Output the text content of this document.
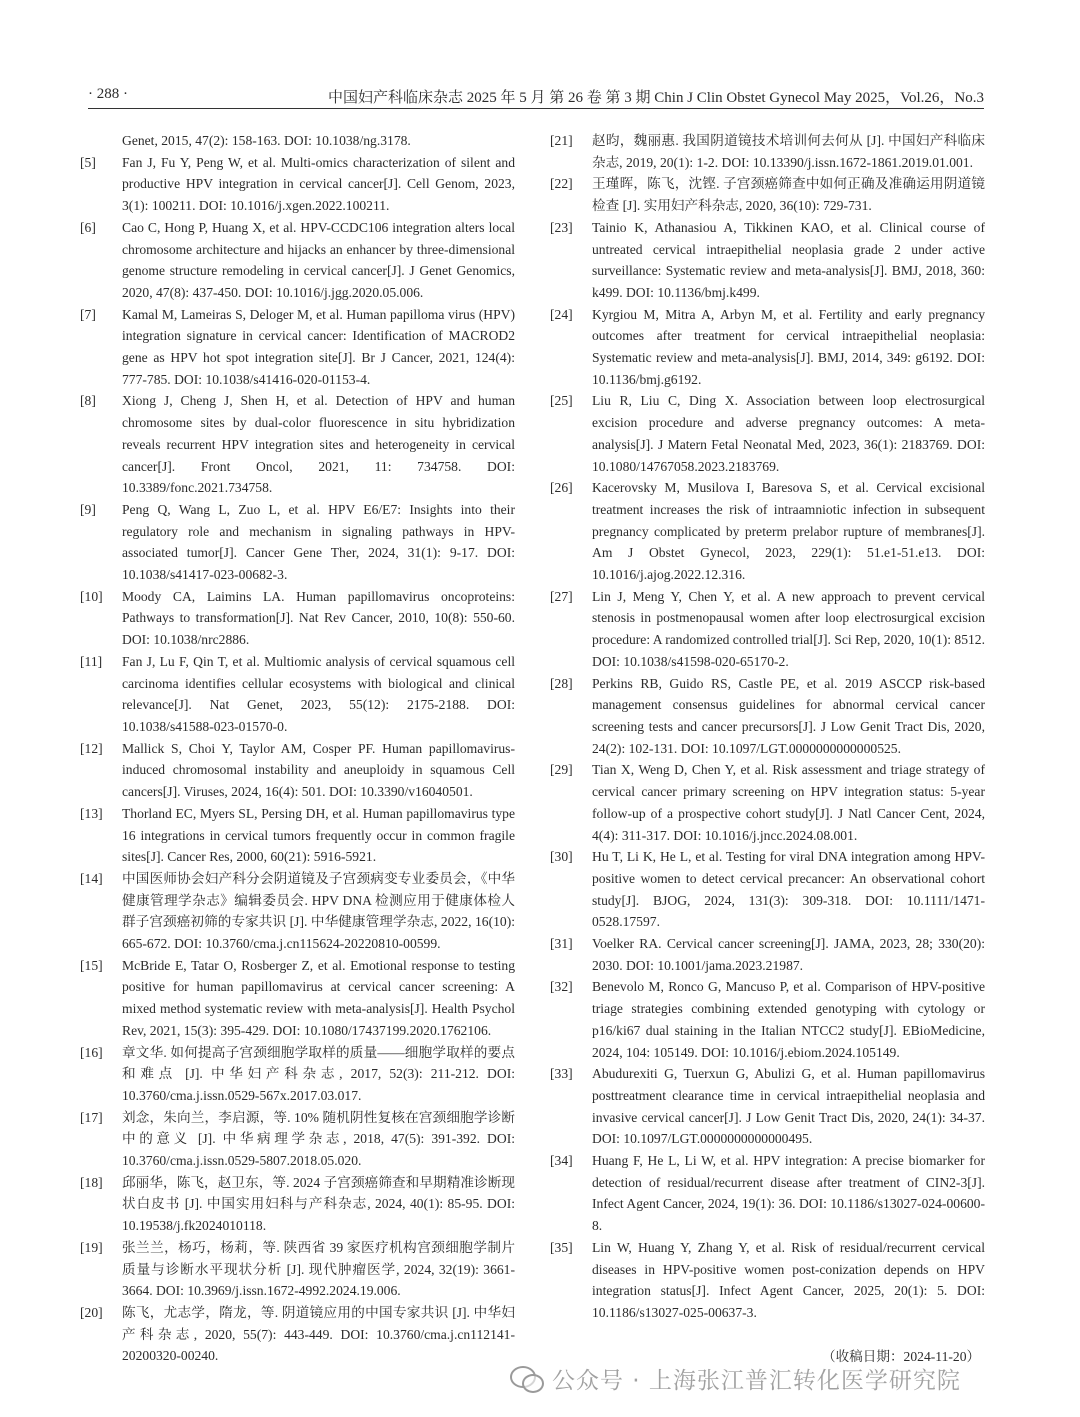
· 288 ·	中国妇产科临床杂志 2025 年 5 月 第 26 卷 第 3 期 Chin J Clin Obstet Gynecol May 2025，Vol.26，No.3
Genet, 2015, 47(2): 158-163. DOI: 10.1038/ng.3178.
[5] Fan J, Fu Y, Peng W, et al. Multi-omics characterization of silent and productive HPV integration in cervical cancer[J]. Cell Genom, 2023, 3(1): 100211. DOI: 10.1016/j.xgen.2022.100211.
[6] Cao C, Hong P, Huang X, et al. HPV-CCDC106 integration alters local chromosome architecture and hijacks an enhancer by three-dimensional genome structure remodeling in cervical cancer[J]. J Genet Genomics, 2020, 47(8): 437-450. DOI: 10.1016/j.jgg.2020.05.006.
[7] Kamal M, Lameiras S, Deloger M, et al. Human papilloma virus (HPV) integration signature in cervical cancer: Identification of MACROD2 gene as HPV hot spot integration site[J]. Br J Cancer, 2021, 124(4): 777-785. DOI: 10.1038/s41416-020-01153-4.
[8] Xiong J, Cheng J, Shen H, et al. Detection of HPV and human chromosome sites by dual-color fluorescence in situ hybridization reveals recurrent HPV integration sites and heterogeneity in cervical cancer[J]. Front Oncol, 2021, 11: 734758. DOI: 10.3389/fonc.2021.734758.
[9] Peng Q, Wang L, Zuo L, et al. HPV E6/E7: Insights into their regulatory role and mechanism in signaling pathways in HPV-associated tumor[J]. Cancer Gene Ther, 2024, 31(1): 9-17. DOI: 10.1038/s41417-023-00682-3.
[10] Moody CA, Laimins LA. Human papillomavirus oncoproteins: Pathways to transformation[J]. Nat Rev Cancer, 2010, 10(8): 550-60. DOI: 10.1038/nrc2886.
[11] Fan J, Lu F, Qin T, et al. Multiomic analysis of cervical squamous cell carcinoma identifies cellular ecosystems with biological and clinical relevance[J]. Nat Genet, 2023, 55(12): 2175-2188. DOI: 10.1038/s41588-023-01570-0.
[12] Mallick S, Choi Y, Taylor AM, Cosper PF. Human papillomavirus-induced chromosomal instability and aneuploidy in squamous Cell cancers[J]. Viruses, 2024, 16(4): 501. DOI: 10.3390/v16040501.
[13] Thorland EC, Myers SL, Persing DH, et al. Human papillomavirus type 16 integrations in cervical tumors frequently occur in common fragile sites[J]. Cancer Res, 2000, 60(21): 5916-5921.
[14] 中国医师协会妇产科分会阴道镜及子宫颈病变专业委员会，《中华健康管理学杂志》编辑委员会. HPV DNA 检测应用于健康体检人群子宫颈癌初筛的专家共识 [J]. 中华健康管理学杂志, 2022, 16(10): 665-672. DOI: 10.3760/cma.j.cn115624-20220810-00599.
[15] McBride E, Tatar O, Rosberger Z, et al. Emotional response to testing positive for human papillomavirus at cervical cancer screening: A mixed method systematic review with meta-analysis[J]. Health Psychol Rev, 2021, 15(3): 395-429. DOI: 10.1080/17437199.2020.1762106.
[16] 章文华. 如何提高子宫颈细胞学取样的质量——细胞学取样的要点和难点 [J]. 中华妇产科杂志, 2017, 52(3): 211-212. DOI: 10.3760/cma.j.issn.0529-567x.2017.03.017.
[17] 刘念，朱向兰，李启源，等. 10% 随机阴性复核在宫颈细胞学诊断中的意义 [J]. 中华病理学杂志, 2018, 47(5): 391-392. DOI: 10.3760/cma.j.issn.0529-5807.2018.05.020.
[18] 邱丽华，陈飞，赵卫东，等. 2024 子宫颈癌筛查和早期精准诊断现状白皮书 [J]. 中国实用妇科与产科杂志, 2024, 40(1): 85-95. DOI: 10.19538/j.fk2024010118.
[19] 张兰兰，杨巧，杨莉，等. 陕西省 39 家医疗机构宫颈细胞学制片质量与诊断水平现状分析 [J]. 现代肿瘤医学, 2024, 32(19): 3661-3664. DOI: 10.3969/j.issn.1672-4992.2024.19.006.
[20] 陈飞，尤志学，隋龙，等. 阴道镜应用的中国专家共识 [J]. 中华妇产科杂志, 2020, 55(7): 443-449. DOI: 10.3760/cma.j.cn112141-20200320-00240.
[21] 赵昀，魏丽惠. 我国阴道镜技术培训何去何从 [J]. 中国妇产科临床杂志, 2019, 20(1): 1-2. DOI: 10.13390/j.issn.1672-1861.2019.01.001.
[22] 王瑾晖，陈飞，沈铿. 子宫颈癌筛查中如何正确及准确运用阴道镜检查 [J]. 实用妇产科杂志, 2020, 36(10): 729-731.
[23] Tainio K, Athanasiou A, Tikkinen KAO, et al. Clinical course of untreated cervical intraepithelial neoplasia grade 2 under active surveillance: Systematic review and meta-analysis[J]. BMJ, 2018, 360: k499. DOI: 10.1136/bmj.k499.
[24] Kyrgiou M, Mitra A, Arbyn M, et al. Fertility and early pregnancy outcomes after treatment for cervical intraepithelial neoplasia: Systematic review and meta-analysis[J]. BMJ, 2014, 349: g6192. DOI: 10.1136/bmj.g6192.
[25] Liu R, Liu C, Ding X. Association between loop electrosurgical excision procedure and adverse pregnancy outcomes: A meta-analysis[J]. J Matern Fetal Neonatal Med, 2023, 36(1): 2183769. DOI: 10.1080/14767058.2023.2183769.
[26] Kacerovsky M, Musilova I, Baresova S, et al. Cervical excisional treatment increases the risk of intraamniotic infection in subsequent pregnancy complicated by preterm prelabor rupture of membranes[J]. Am J Obstet Gynecol, 2023, 229(1): 51.e1-51.e13. DOI: 10.1016/j.ajog.2022.12.316.
[27] Lin J, Meng Y, Chen Y, et al. A new approach to prevent cervical stenosis in postmenopausal women after loop electrosurgical excision procedure: A randomized controlled trial[J]. Sci Rep, 2020, 10(1): 8512. DOI: 10.1038/s41598-020-65170-2.
[28] Perkins RB, Guido RS, Castle PE, et al. 2019 ASCCP risk-based management consensus guidelines for abnormal cervical cancer screening tests and cancer precursors[J]. J Low Genit Tract Dis, 2020, 24(2): 102-131. DOI: 10.1097/LGT.0000000000000525.
[29] Tian X, Weng D, Chen Y, et al. Risk assessment and triage strategy of cervical cancer primary screening on HPV integration status: 5-year follow-up of a prospective cohort study[J]. J Natl Cancer Cent, 2024, 4(4): 311-317. DOI: 10.1016/j.jncc.2024.08.001.
[30] Hu T, Li K, He L, et al. Testing for viral DNA integration among HPV-positive women to detect cervical precancer: An observational cohort study[J]. BJOG, 2024, 131(3): 309-318. DOI: 10.1111/1471-0528.17597.
[31] Voelker RA. Cervical cancer screening[J]. JAMA, 2023, 28; 330(20): 2030. DOI: 10.1001/jama.2023.21987.
[32] Benevolo M, Ronco G, Mancuso P, et al. Comparison of HPV-positive triage strategies combining extended genotyping with cytology or p16/ki67 dual staining in the Italian NTCC2 study[J]. EBioMedicine, 2024, 104: 105149. DOI: 10.1016/j.ebiom.2024.105149.
[33] Abudurexiti G, Tuerxun G, Abulizi G, et al. Human papillomavirus posttreatment clearance time in cervical intraepithelial neoplasia and invasive cervical cancer[J]. J Low Genit Tract Dis, 2020, 24(1): 34-37. DOI: 10.1097/LGT.0000000000000495.
[34] Huang F, He L, Li W, et al. HPV integration: A precise biomarker for detection of residual/recurrent disease after treatment of CIN2-3[J]. Infect Agent Cancer, 2024, 19(1): 36. DOI: 10.1186/s13027-024-00600-8.
[35] Lin W, Huang Y, Zhang Y, et al. Risk of residual/recurrent cervical diseases in HPV-positive women post-conization depends on HPV integration status[J]. Infect Agent Cancer, 2025, 20(1): 5. DOI: 10.1186/s13027-025-00637-3.
（收稿日期：2024-11-20）
公众号 · 上海张江普汇转化医学研究院
